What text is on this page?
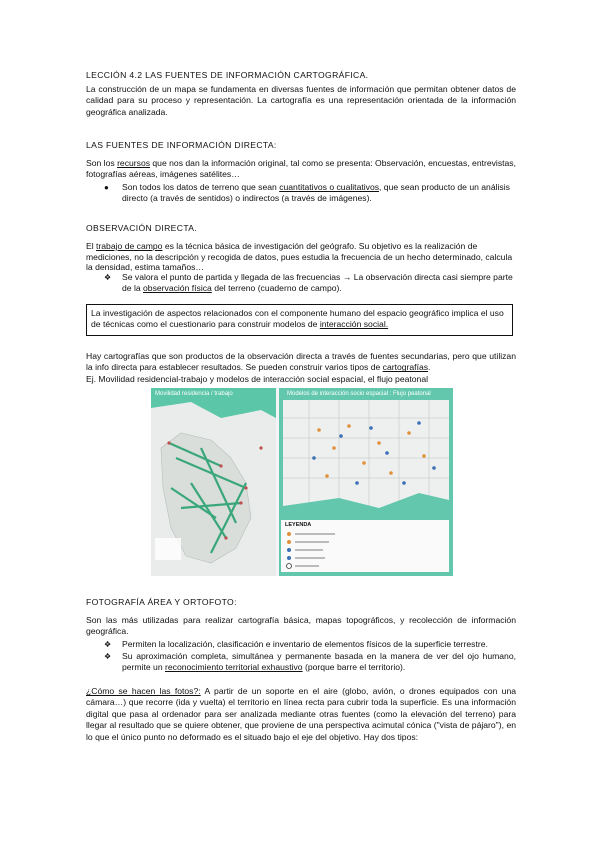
LECCIÓN 4.2 LAS FUENTES DE INFORMACIÓN CARTOGRÁFICA.
La construcción de un mapa se fundamenta en diversas fuentes de información que permitan obtener datos de calidad para su proceso y representación. La cartografía es una representación orientada de la información geográfica analizada.
LAS FUENTES DE INFORMACIÓN DIRECTA:
Son los recursos que nos dan la información original, tal como se presenta: Observación, encuestas, entrevistas, fotografías aéreas, imágenes satélites…
● Son todos los datos de terreno que sean cuantitativos o cualitativos, que sean producto de un análisis directo (a través de sentidos) o indirectos (a través de imágenes).
OBSERVACIÓN DIRECTA.
El trabajo de campo es la técnica básica de investigación del geógrafo. Su objetivo es la realización de mediciones, no la descripción y recogida de datos, pues estudia la frecuencia de un hecho determinado, calcula la densidad, estima tamaños…
❖ Se valora el punto de partida y llegada de las frecuencias → La observación directa casi siempre parte de la observación física del terreno (cuaderno de campo).
La investigación de aspectos relacionados con el componente humano del espacio geográfico implica el uso de técnicas como el cuestionario para construir modelos de interacción social.
Hay cartografías que son productos de la observación directa a través de fuentes secundarias, pero que utilizan la info directa para establecer resultados. Se pueden construir varios tipos de cartografías.
Ej. Movilidad residencial-trabajo y modelos de interacción social espacial, el flujo peatonal
Movilidad residencia / trabajo	Modelos de interacción socio espacial : Flujo peatonal
LEYENDA
FOTOGRAFÍA ÁREA Y ORTOFOTO:
Son las más utilizadas para realizar cartografía básica, mapas topográficos, y recolección de información geográfica.
❖ Permiten la localización, clasificación e inventario de elementos físicos de la superficie terrestre.
❖ Su aproximación completa, simultánea y permanente basada en la manera de ver del ojo humano, permite un reconocimiento territorial exhaustivo (porque barre el territorio).
¿Cómo se hacen las fotos?: A partir de un soporte en el aire (globo, avión, o drones equipados con una cámara…) que recorre (ida y vuelta) el territorio en línea recta para cubrir toda la superficie. Es una información digital que pasa al ordenador para ser analizada mediante otras fuentes (como la elevación del terreno) para llegar al resultado que se quiere obtener, que proviene de una perspectiva acimutal cónica ("vista de pájaro"), en lo que el único punto no deformado es el situado bajo el eje del objetivo. Hay dos tipos:
